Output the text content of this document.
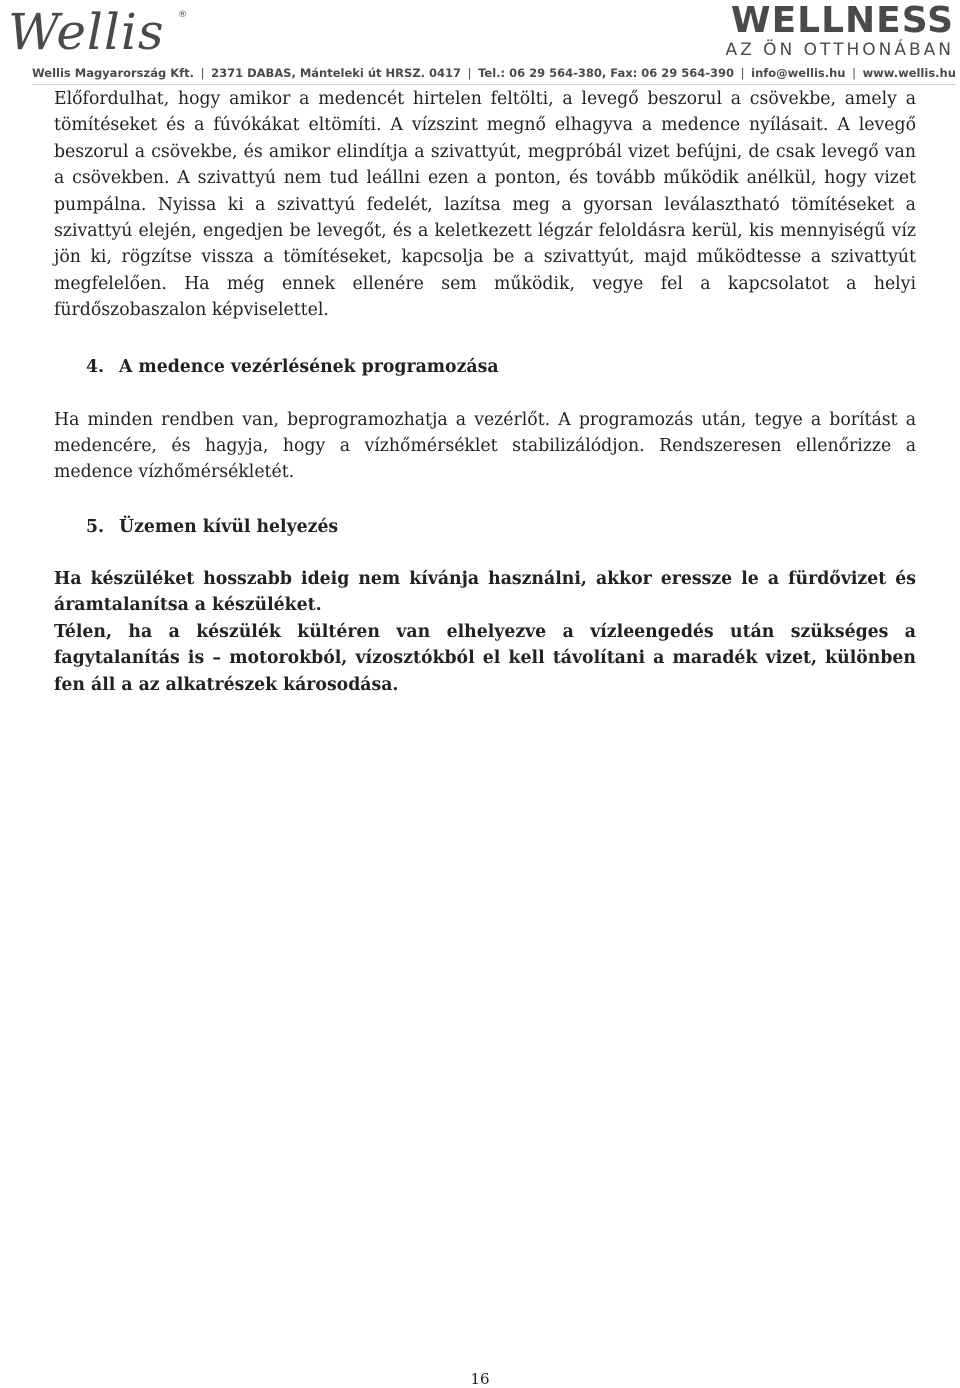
Wellis ®	WELLNESS
AZ ÖN OTTHONÁBAN
Wellis Magyarország Kft. | 2371 DABAS, Mánteleki út HRSZ. 0417 | Tel.: 06 29 564-380, Fax: 06 29 564-390 | info@wellis.hu | www.wellis.hu

Előfordulhat, hogy amikor a medencét hirtelen feltölti, a levegő beszorul a csövekbe, amely a tömítéseket és a fúvókákat eltömíti. A vízszint megnő elhagyva a medence nyílásait. A levegő beszorul a csövekbe, és amikor elindítja a szivattyút, megpróbál vizet befújni, de csak levegő van a csövekben. A szivattyú nem tud leállni ezen a ponton, és tovább működik anélkül, hogy vizet pumpálna. Nyissa ki a szivattyú fedelét, lazítsa meg a gyorsan leválasztható tömítéseket a szivattyú elején, engedjen be levegőt, és a keletkezett légzár feloldásra kerül, kis mennyiségű víz jön ki, rögzítse vissza a tömítéseket, kapcsolja be a szivattyút, majd működtesse a szivattyút megfelelően. Ha még ennek ellenére sem működik, vegye fel a kapcsolatot a helyi fürdőszobaszalon képviselettel.

4. A medence vezérlésének programozása

Ha minden rendben van, beprogramozhatja a vezérlőt. A programozás után, tegye a borítást a medencére, és hagyja, hogy a vízhőmérséklet stabilizálódjon. Rendszeresen ellenőrizze a medence vízhőmérsékletét.

5. Üzemen kívül helyezés

Ha készüléket hosszabb ideig nem kívánja használni, akkor eressze le a fürdővizet és áramtalanítsa a készüléket.

Télen, ha a készülék kültéren van elhelyezve a vízleengedés után szükséges a fagytalanítás is – motorokból, vízosztókból el kell távolítani a maradék vizet, különben fen áll a az alkatrészek károsodása.

16
